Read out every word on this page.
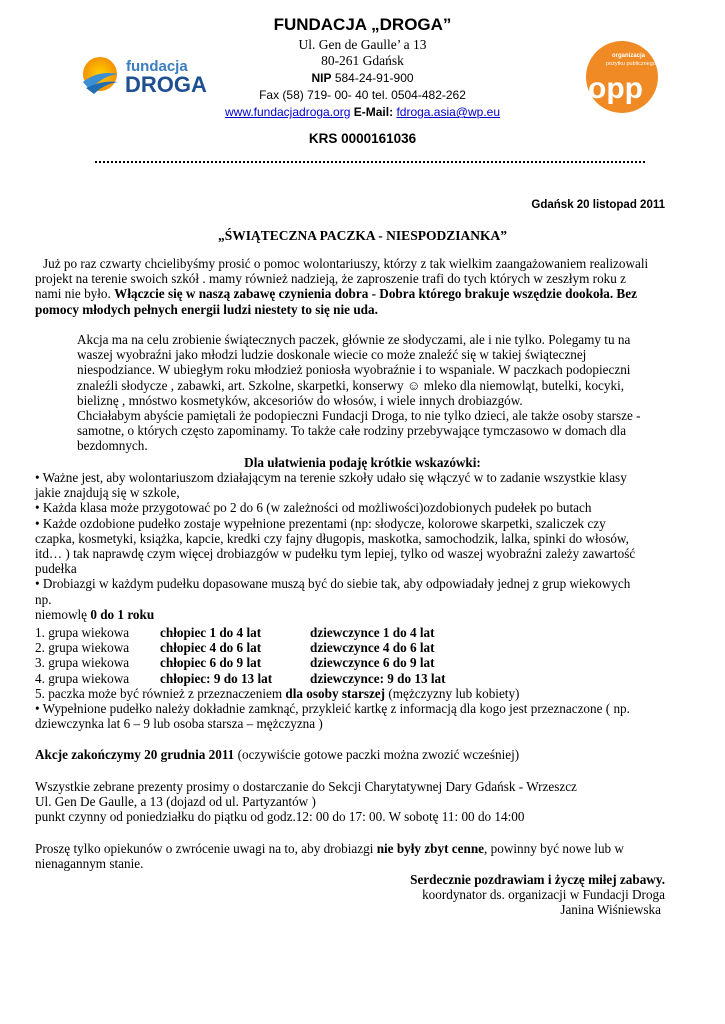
fundacja
DROGA
organizacja
pożytku publicznego
opp
FUNDACJA „DROGA”
Ul. Gen de Gaulle’ a 13
80-261 Gdańsk
NIP 584-24-91-900
Fax (58) 719- 00- 40 tel. 0504-482-262
www.fundacjadroga.org E-Mail: fdroga.asia@wp.eu
KRS 0000161036
Gdańsk 20 listopad 2011
„ŚWIĄTECZNA PACZKA - NIESPODZIANKA”
Już po raz czwarty chcielibyśmy prosić o pomoc wolontariuszy, którzy z tak wielkim zaangażowaniem realizowali
projekt na terenie swoich szkół . mamy również nadzieją, że zaproszenie trafi do tych których w zeszłym roku z
nami nie było. Włączcie się w naszą zabawę czynienia dobra - Dobra którego brakuje wszędzie dookoła. Bez
pomocy młodych pełnych energii ludzi niestety to się nie uda.
Akcja ma na celu zrobienie świątecznych paczek, głównie ze słodyczami, ale i nie tylko. Polegamy tu na
waszej wyobraźni jako młodzi ludzie doskonale wiecie co może znaleźć się w takiej świątecznej
niespodziance. W ubiegłym roku młodzież poniosła wyobraźnie i to wspaniale. W paczkach podopieczni
znaleźli słodycze , zabawki, art. Szkolne, skarpetki, konserwy ☺ mleko dla niemowląt, butelki, kocyki,
bieliznę , mnóstwo kosmetyków, akcesoriów do włosów, i wiele innych drobiazgów.
Chciałabym abyście pamiętali że podopieczni Fundacji Droga, to nie tylko dzieci, ale także osoby starsze -
samotne, o których często zapominamy. To także całe rodziny przebywające tymczasowo w domach dla
bezdomnych.
Dla ułatwienia podaję krótkie wskazówki:
• Ważne jest, aby wolontariuszom działającym na terenie szkoły udało się włączyć w to zadanie wszystkie klasy
jakie znajdują się w szkole,
• Każda klasa może przygotować po 2 do 6 (w zależności od możliwości)ozdobionych pudełek po butach
• Każde ozdobione pudełko zostaje wypełnione prezentami (np: słodycze, kolorowe skarpetki, szaliczek czy
czapka, kosmetyki, książka, kapcie, kredki czy fajny długopis, maskotka, samochodzik, lalka, spinki do włosów,
itd… ) tak naprawdę czym więcej drobiazgów w pudełku tym lepiej, tylko od waszej wyobraźni zależy zawartość
pudełka
• Drobiazgi w każdym pudełku dopasowane muszą być do siebie tak, aby odpowiadały jednej z grup wiekowych
np.
niemowlę 0 do 1 roku
1. grupa wiekowa	chłopiec 1 do 4 lat	dziewczynce 1 do 4 lat
2. grupa wiekowa	chłopiec 4 do 6 lat	dziewczynce 4 do 6 lat
3. grupa wiekowa	chłopiec 6 do 9 lat	dziewczynce 6 do 9 lat
4. grupa wiekowa	chłopiec: 9 do 13 lat	dziewczynce: 9 do 13 lat
5. paczka może być również z przeznaczeniem dla osoby starszej (mężczyzny lub kobiety)
• Wypełnione pudełko należy dokładnie zamknąć, przykleić kartkę z informacją dla kogo jest przeznaczone ( np.
dziewczynka lat 6 – 9 lub osoba starsza – mężczyzna )
Akcje zakończymy 20 grudnia 2011 (oczywiście gotowe paczki można zwozić wcześniej)
Wszystkie zebrane prezenty prosimy o dostarczanie do Sekcji Charytatywnej Dary Gdańsk - Wrzeszcz
Ul. Gen De Gaulle, a 13 (dojazd od ul. Partyzantów )
punkt czynny od poniedziałku do piątku od godz.12: 00 do 17: 00. W sobotę 11: 00 do 14:00
Proszę tylko opiekunów o zwrócenie uwagi na to, aby drobiazgi nie były zbyt cenne, powinny być nowe lub w
nienagannym stanie.
Serdecznie pozdrawiam i życzę miłej zabawy.
koordynator ds. organizacji w Fundacji Droga
Janina Wiśniewska
